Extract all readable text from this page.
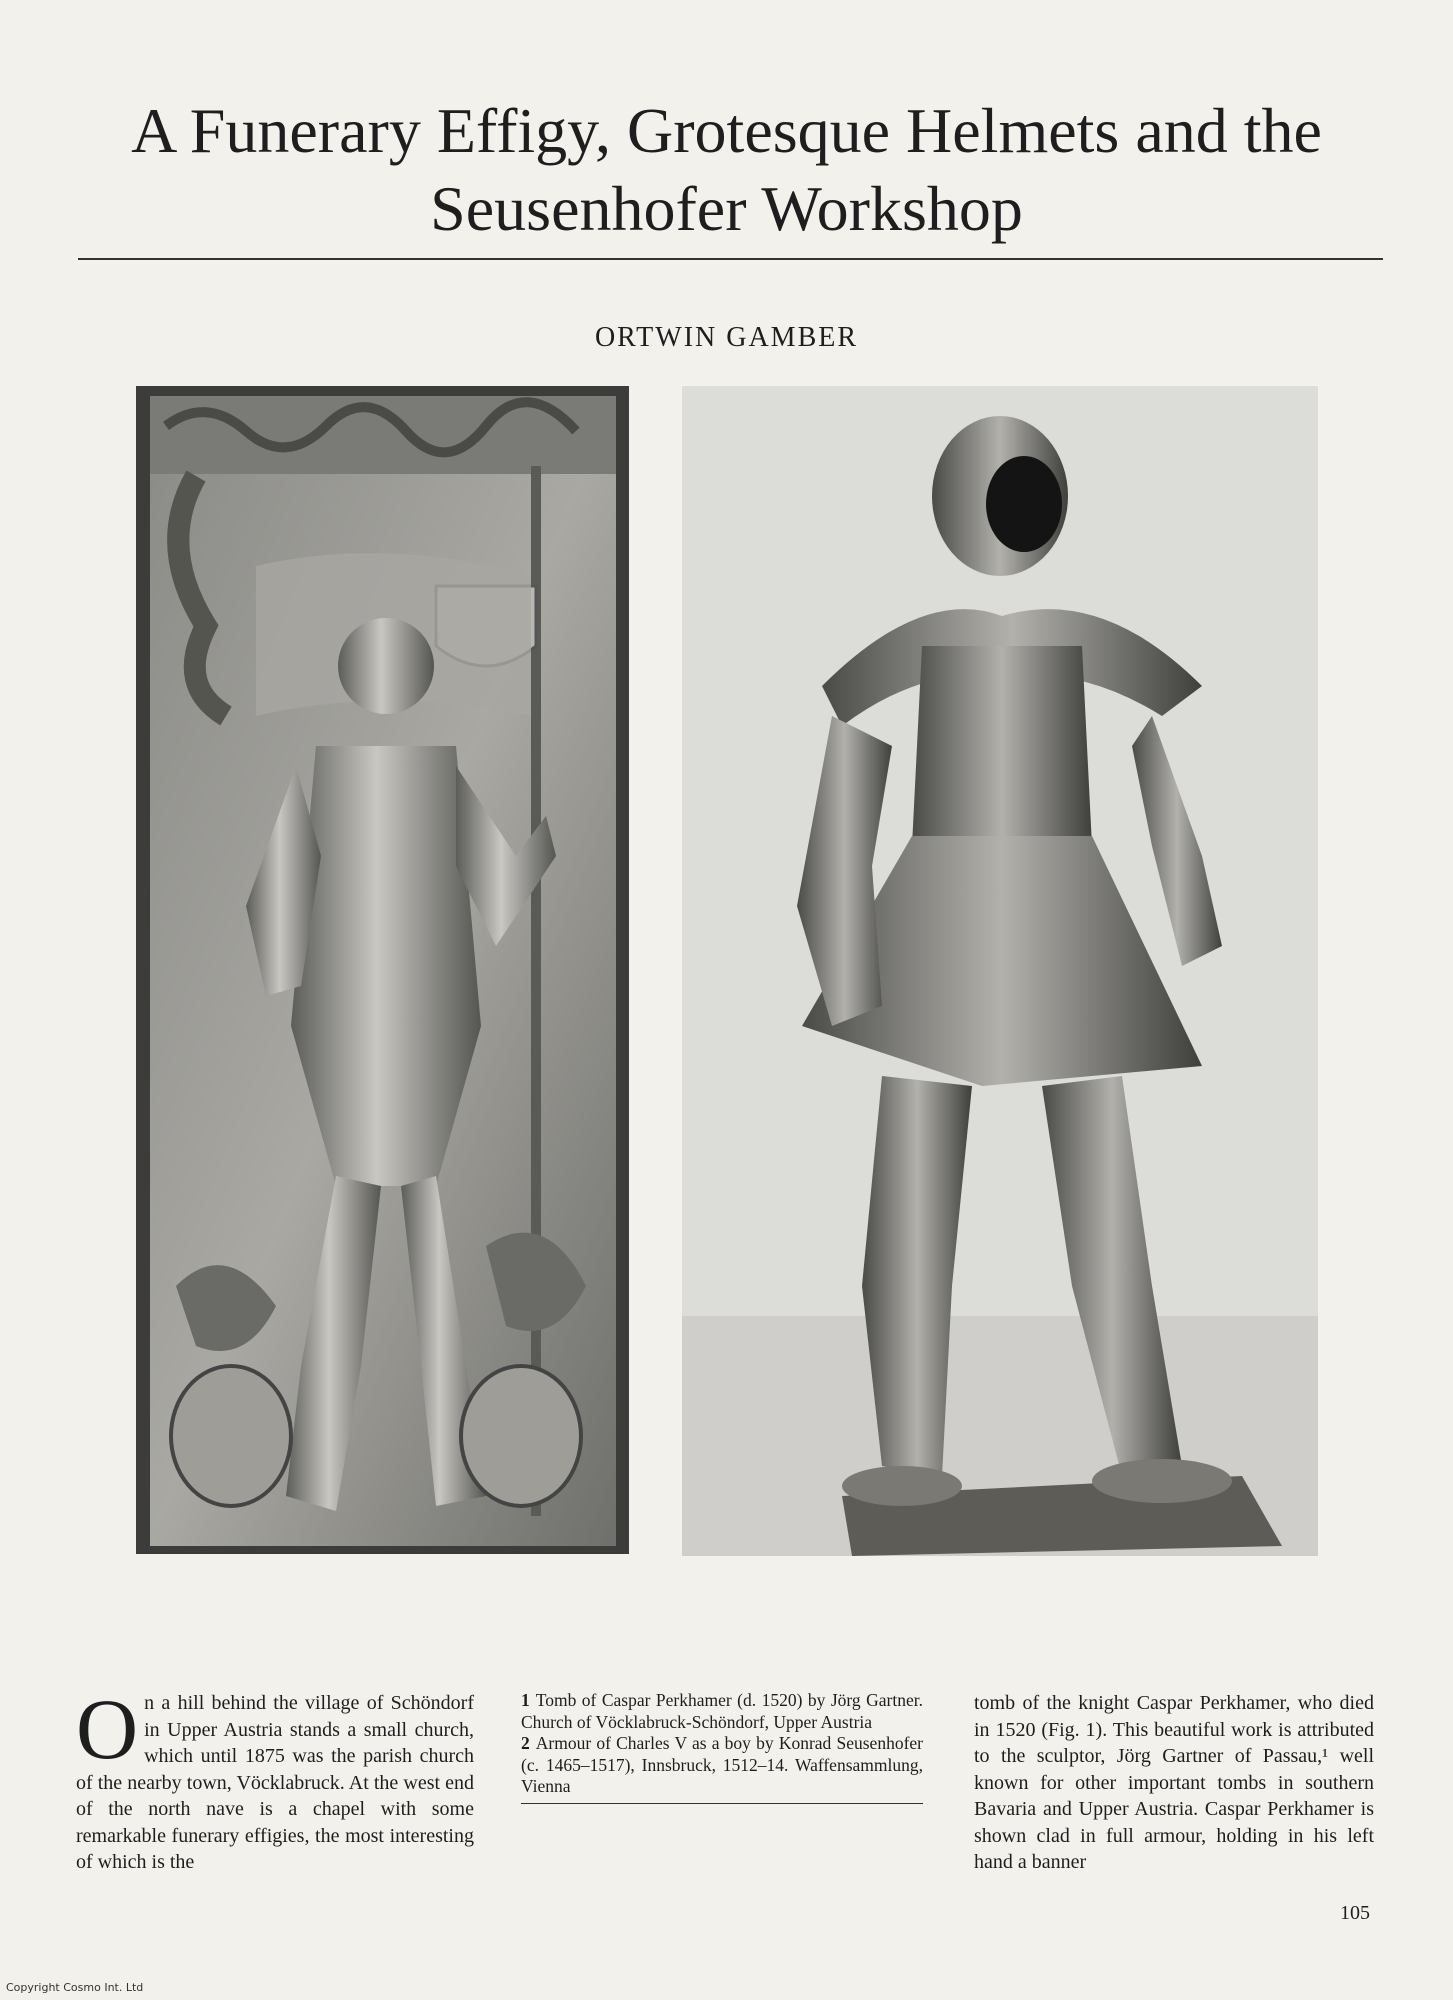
A Funerary Effigy, Grotesque Helmets and the Seusenhofer Workshop
ORTWIN GAMBER
O n a hill behind the village of Schöndorf in Upper Austria stands a small church, which until 1875 was the parish church of the nearby town, Vöcklabruck. At the west end of the north nave is a chapel with some remarkable funerary effigies, the most interesting of which is the

1 Tomb of Caspar Perkhamer (d. 1520) by Jörg Gartner. Church of Vöcklabruck-Schöndorf, Upper Austria

2 Armour of Charles V as a boy by Konrad Seusenhofer (c. 1465–1517), Innsbruck, 1512–14. Waffensammlung, Vienna

tomb of the knight Caspar Perkhamer, who died in 1520 (Fig. 1). This beautiful work is attributed to the sculptor, Jörg Gartner of Passau,¹ well known for other important tombs in southern Bavaria and Upper Austria. Caspar Perkhamer is shown clad in full armour, holding in his left hand a banner
105
Copyright Cosmo Int. Ltd
